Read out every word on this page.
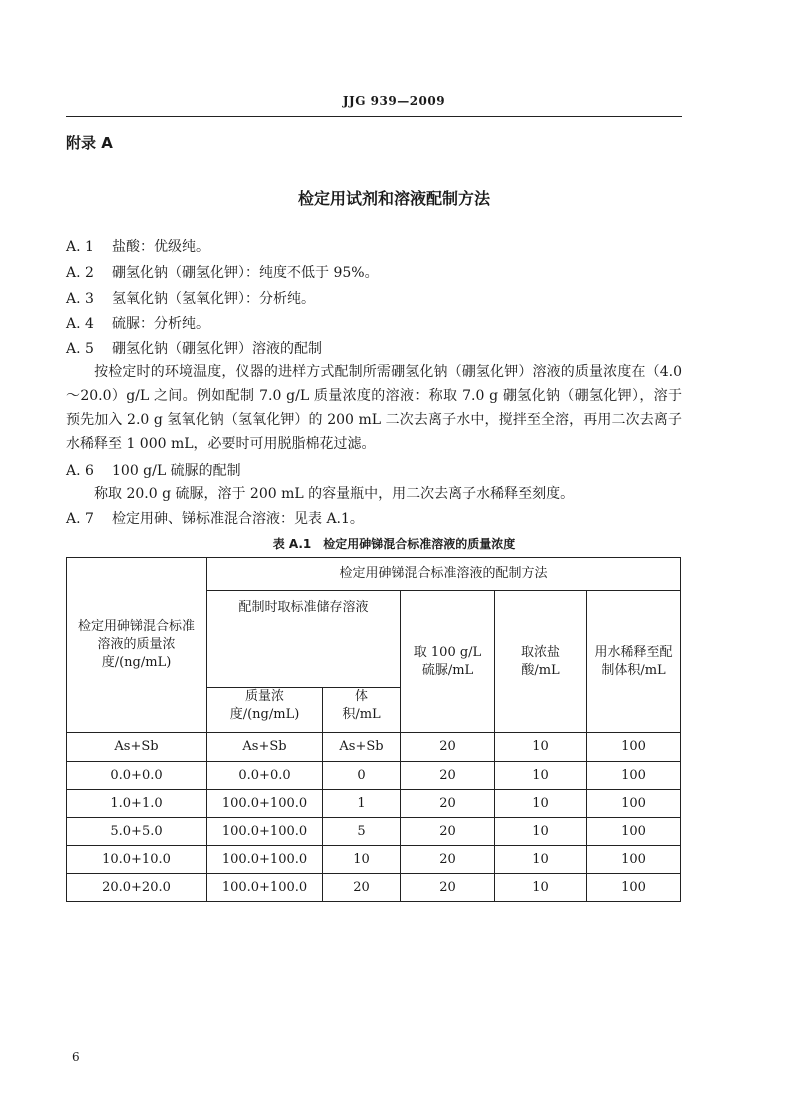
JJG 939—2009
附录 A
检定用试剂和溶液配制方法
A. 1 盐酸：优级纯。
A. 2 硼氢化钠（硼氢化钾）：纯度不低于 95%。
A. 3 氢氧化钠（氢氧化钾）：分析纯。
A. 4 硫脲：分析纯。
A. 5 硼氢化钠（硼氢化钾）溶液的配制
按检定时的环境温度，仪器的进样方式配制所需硼氢化钠（硼氢化钾）溶液的质量浓度在（4.0～20.0）g/L 之间。例如配制 7.0 g/L 质量浓度的溶液：称取 7.0 g 硼氢化钠（硼氢化钾），溶于预先加入 2.0 g 氢氧化钠（氢氧化钾）的 200 mL 二次去离子水中，搅拌至全溶，再用二次去离子水稀释至 1 000 mL，必要时可用脱脂棉花过滤。
A. 6 100 g/L 硫脲的配制
称取 20.0 g 硫脲，溶于 200 mL 的容量瓶中，用二次去离子水稀释至刻度。
A. 7 检定用砷、锑标准混合溶液：见表 A.1。
表 A.1　检定用砷锑混合标准溶液的质量浓度
检定用砷锑混合标准溶液的质量浓度/(ng/mL)	检定用砷锑混合标准溶液的配制方法				

	配制时取标准储存溶液		取 100 g/L 硫脲/mL	取浓盐酸/mL	用水稀释至配制体积/mL
	质量浓度/(ng/mL)	体积/mL			
As+Sb	As+Sb	As+Sb	20	10	100
0.0+0.0	0.0+0.0	0	20	10	100
1.0+1.0	100.0+100.0	1	20	10	100
5.0+5.0	100.0+100.0	5	20	10	100
10.0+10.0	100.0+100.0	10	20	10	100
20.0+20.0	100.0+100.0	20	20	10	100
6
